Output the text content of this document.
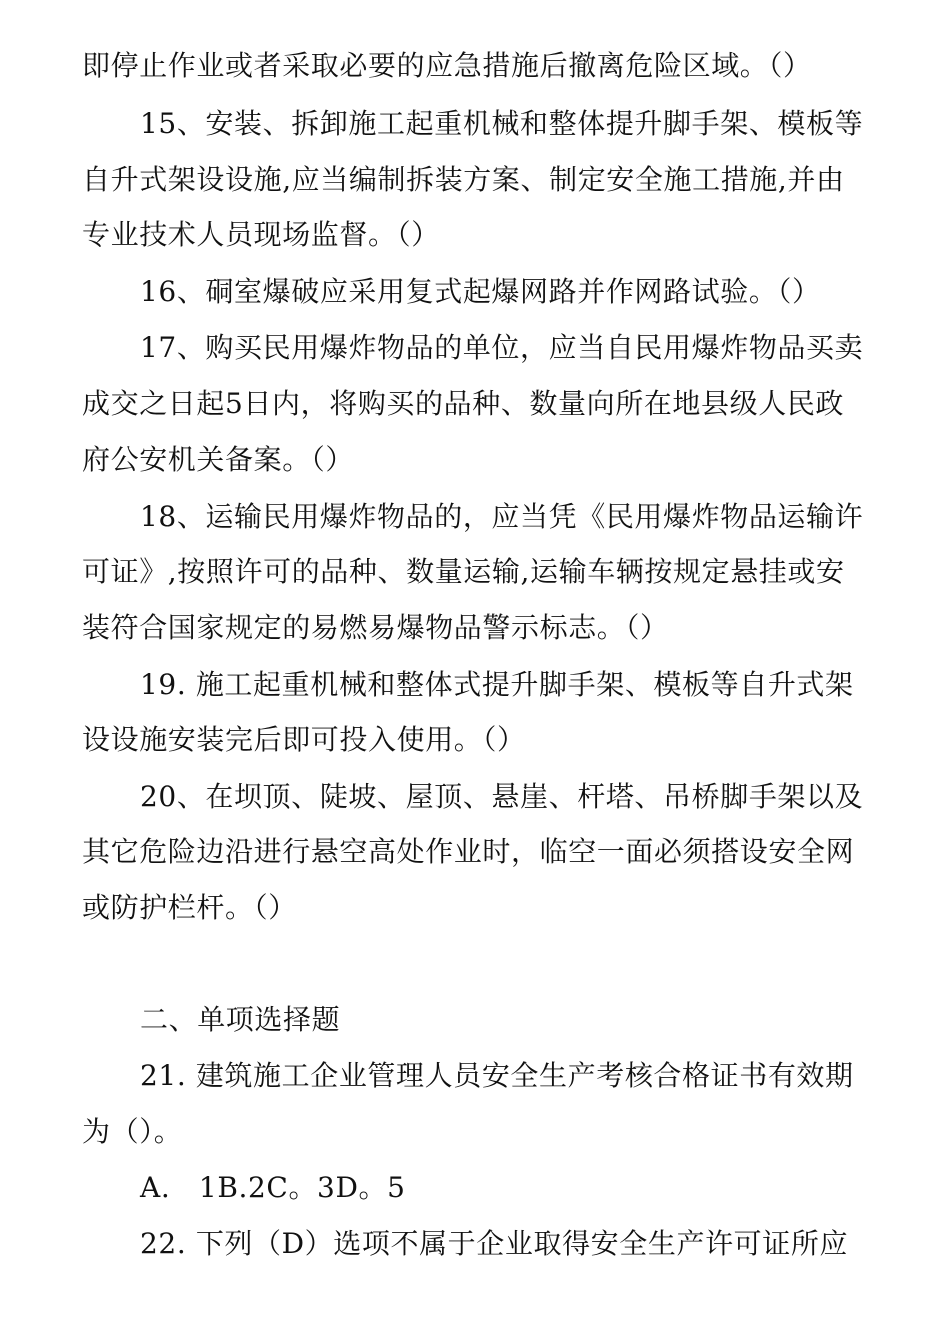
即停止作业或者采取必要的应急措施后撤离危险区域。（）
15、安装、拆卸施工起重机械和整体提升脚手架、模板等
自升式架设设施,应当编制拆装方案、制定安全施工措施,并由
专业技术人员现场监督。（）
16、硐室爆破应采用复式起爆网路并作网路试验。（）
17、购买民用爆炸物品的单位，应当自民用爆炸物品买卖
成交之日起5日内，将购买的品种、数量向所在地县级人民政
府公安机关备案。（）
18、运输民用爆炸物品的，应当凭《民用爆炸物品运输许
可证》,按照许可的品种、数量运输,运输车辆按规定悬挂或安
装符合国家规定的易燃易爆物品警示标志。（）
19. 施工起重机械和整体式提升脚手架、模板等自升式架
设设施安装完后即可投入使用。（）
20、在坝顶、陡坡、屋顶、悬崖、杆塔、吊桥脚手架以及
其它危险边沿进行悬空高处作业时，临空一面必须搭设安全网
或防护栏杆。（）
二、单项选择题
21. 建筑施工企业管理人员安全生产考核合格证书有效期
为（）。
A.　1B.2C。3D。5
22. 下列（D）选项不属于企业取得安全生产许可证所应
